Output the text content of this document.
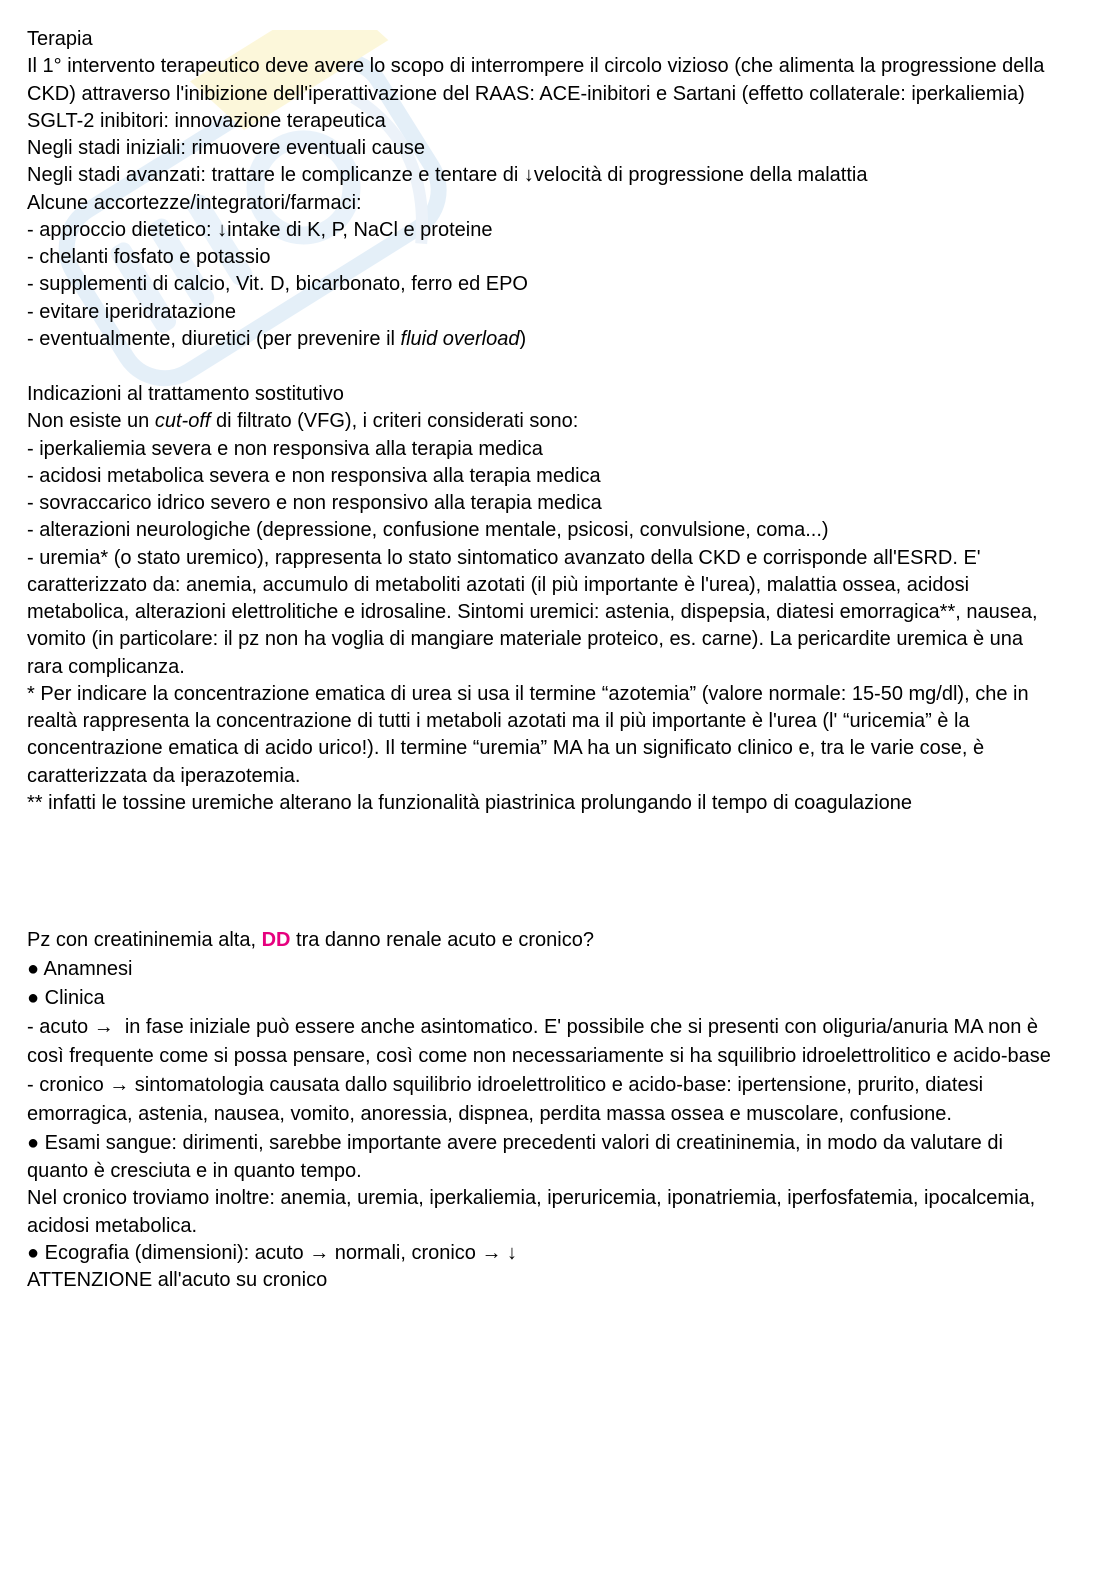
Terapia
Il 1° intervento terapeutico deve avere lo scopo di interrompere il circolo vizioso (che alimenta la progressione della
CKD) attraverso l'inibizione dell'iperattivazione del RAAS: ACE-inibitori e Sartani (effetto collaterale: iperkaliemia)
SGLT-2 inibitori: innovazione terapeutica
Negli stadi iniziali: rimuovere eventuali cause
Negli stadi avanzati: trattare le complicanze e tentare di ↓velocità di progressione della malattia
Alcune accortezze/integratori/farmaci:
- approccio dietetico: ↓intake di K, P, NaCl e proteine
- chelanti fosfato e potassio
- supplementi di calcio, Vit. D, bicarbonato, ferro ed EPO
- evitare iperidratazione
- eventualmente, diuretici (per prevenire il fluid overload)
Indicazioni al trattamento sostitutivo
Non esiste un cut-off di filtrato (VFG), i criteri considerati sono:
- iperkaliemia severa e non responsiva alla terapia medica
- acidosi metabolica severa e non responsiva alla terapia medica
- sovraccarico idrico severo e non responsivo alla terapia medica
- alterazioni neurologiche (depressione, confusione mentale, psicosi, convulsione, coma...)
- uremia* (o stato uremico), rappresenta lo stato sintomatico avanzato della CKD e corrisponde all'ESRD. E'
caratterizzato da: anemia, accumulo di metaboliti azotati (il più importante è l'urea), malattia ossea, acidosi
metabolica, alterazioni elettrolitiche e idrosaline. Sintomi uremici: astenia, dispepsia, diatesi emorragica**, nausea,
vomito (in particolare: il pz non ha voglia di mangiare materiale proteico, es. carne). La pericardite uremica è una
rara complicanza.
* Per indicare la concentrazione ematica di urea si usa il termine “azotemia” (valore normale: 15-50 mg/dl), che in
realtà rappresenta la concentrazione di tutti i metaboli azotati ma il più importante è l'urea (l' “uricemia” è la
concentrazione ematica di acido urico!). Il termine “uremia” MA ha un significato clinico e, tra le varie cose, è
caratterizzata da iperazotemia.
** infatti le tossine uremiche alterano la funzionalità piastrinica prolungando il tempo di coagulazione
Pz con creatininemia alta, DD tra danno renale acuto e cronico?
● Anamnesi
● Clinica
- acuto →  in fase iniziale può essere anche asintomatico. E' possibile che si presenti con oliguria/anuria MA non è
così frequente come si possa pensare, così come non necessariamente si ha squilibrio idroelettrolitico e acido-base
- cronico → sintomatologia causata dallo squilibrio idroelettrolitico e acido-base: ipertensione, prurito, diatesi
emorragica, astenia, nausea, vomito, anoressia, dispnea, perdita massa ossea e muscolare, confusione.
● Esami sangue: dirimenti, sarebbe importante avere precedenti valori di creatininemia, in modo da valutare di
quanto è cresciuta e in quanto tempo.
Nel cronico troviamo inoltre: anemia, uremia, iperkaliemia, iperuricemia, iponatriemia, iperfosfatemia, ipocalcemia,
acidosi metabolica.
● Ecografia (dimensioni): acuto → normali, cronico → ↓
ATTENZIONE all'acuto su cronico
